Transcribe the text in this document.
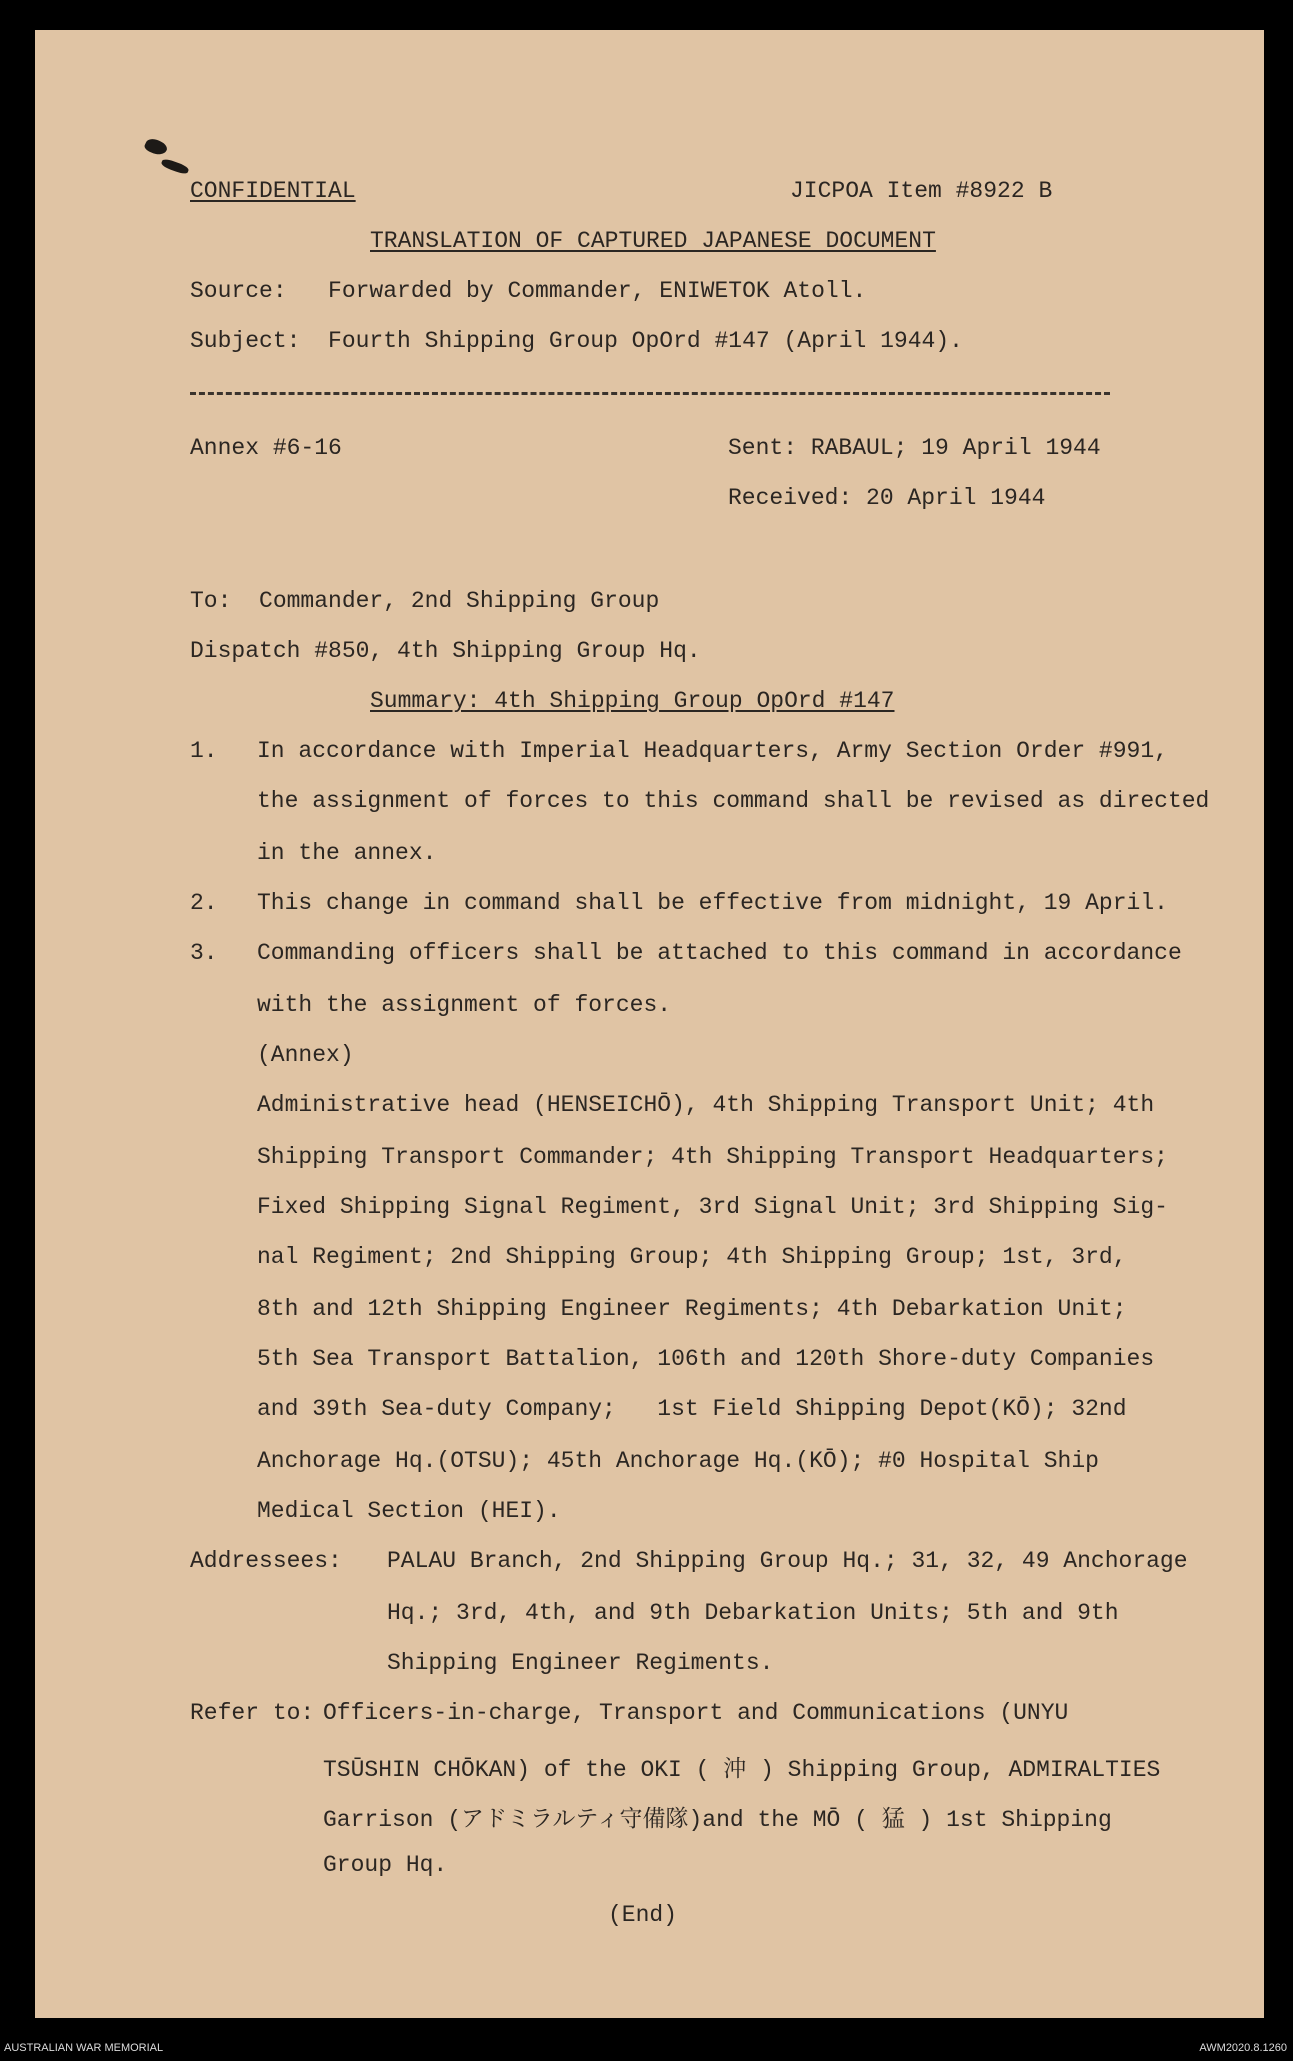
CONFIDENTIAL	JICPOA Item #8922 B
TRANSLATION OF CAPTURED JAPANESE DOCUMENT
Source:   Forwarded by Commander, ENIWETOK Atoll.
Subject:  Fourth Shipping Group OpOrd #147 (April 1944).
Annex #6-16	Sent: RABAUL; 19 April 1944
Received: 20 April 1944
To:  Commander, 2nd Shipping Group
Dispatch #850, 4th Shipping Group Hq.
Summary: 4th Shipping Group OpOrd #147
1. In accordance with Imperial Headquarters, Army Section Order #991,
the assignment of forces to this command shall be revised as directed
in the annex.
2. This change in command shall be effective from midnight, 19 April.
3. Commanding officers shall be attached to this command in accordance
with the assignment of forces.
(Annex)
Administrative head (HENSEICHŌ), 4th Shipping Transport Unit; 4th
Shipping Transport Commander; 4th Shipping Transport Headquarters;
Fixed Shipping Signal Regiment, 3rd Signal Unit; 3rd Shipping Sig-
nal Regiment; 2nd Shipping Group; 4th Shipping Group; 1st, 3rd,
8th and 12th Shipping Engineer Regiments; 4th Debarkation Unit;
5th Sea Transport Battalion, 106th and 120th Shore-duty Companies
and 39th Sea-duty Company;   1st Field Shipping Depot(KŌ); 32nd
Anchorage Hq.(OTSU); 45th Anchorage Hq.(KŌ); #0 Hospital Ship
Medical Section (HEI).
Addressees: PALAU Branch, 2nd Shipping Group Hq.; 31, 32, 49 Anchorage
Hq.; 3rd, 4th, and 9th Debarkation Units; 5th and 9th
Shipping Engineer Regiments.
Refer to: Officers-in-charge, Transport and Communications (UNYU
TSŪSHIN CHŌKAN) of the OKI ( 沖 ) Shipping Group, ADMIRALTIES
Garrison (アドミラルティ守備隊)and the MŌ ( 猛 ) 1st Shipping
Group Hq.
(End)
AUSTRALIAN WAR MEMORIAL	AWM2020.8.1260
